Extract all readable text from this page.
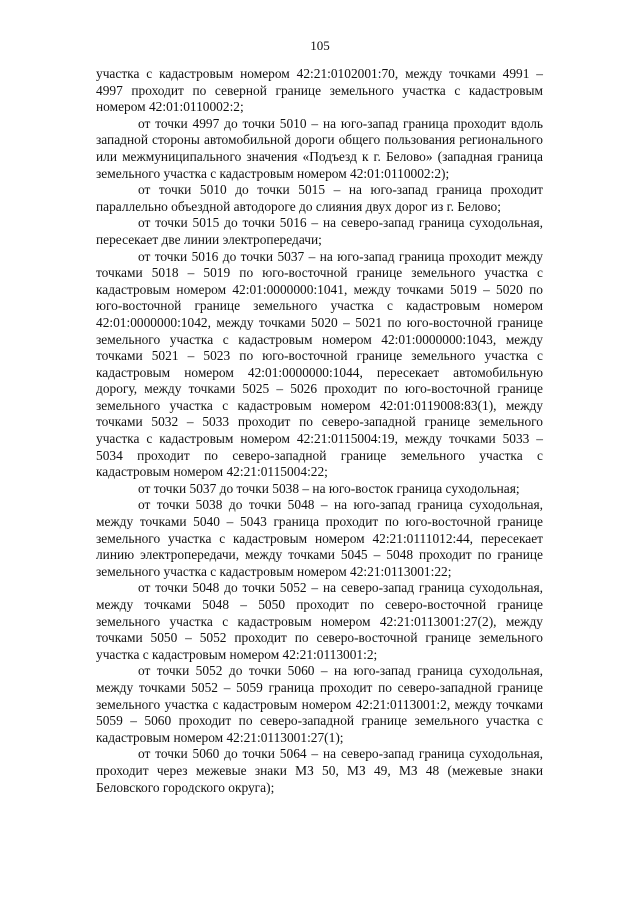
105

участка с кадастровым номером 42:21:0102001:70, между точками 4991 – 4997 проходит по северной границе земельного участка с кадастровым номером 42:01:0110002:2;

от точки 4997 до точки 5010 – на юго-запад граница проходит вдоль западной стороны автомобильной дороги общего пользования регионального или межмуниципального значения «Подъезд к г. Белово» (западная граница земельного участка с кадастровым номером 42:01:0110002:2);

от точки 5010 до точки 5015 – на юго-запад граница проходит параллельно объездной автодороге до слияния двух дорог из г. Белово;

от точки 5015 до точки 5016 – на северо-запад граница суходольная, пересекает две линии электропередачи;

от точки 5016 до точки 5037 – на юго-запад граница проходит между точками 5018 – 5019 по юго-восточной границе земельного участка с кадастровым номером 42:01:0000000:1041, между точками 5019 – 5020 по юго-восточной границе земельного участка с кадастровым номером 42:01:0000000:1042, между точками 5020 – 5021 по юго-восточной границе земельного участка с кадастровым номером 42:01:0000000:1043, между точками 5021 – 5023 по юго-восточной границе земельного участка с кадастровым номером 42:01:0000000:1044, пересекает автомобильную дорогу, между точками 5025 – 5026 проходит по юго-восточной границе земельного участка с кадастровым номером 42:01:0119008:83(1), между точками 5032 – 5033 проходит по северо-западной границе земельного участка с кадастровым номером 42:21:0115004:19, между точками 5033 – 5034 проходит по северо-западной границе земельного участка с кадастровым номером 42:21:0115004:22;

от точки 5037 до точки 5038 – на юго-восток граница суходольная;

от точки 5038 до точки 5048 – на юго-запад граница суходольная, между точками 5040 – 5043 граница проходит по юго-восточной границе земельного участка с кадастровым номером 42:21:0111012:44, пересекает линию электропередачи, между точками 5045 – 5048 проходит по границе земельного участка с кадастровым номером 42:21:0113001:22;

от точки 5048 до точки 5052 – на северо-запад граница суходольная, между точками 5048 – 5050 проходит по северо-восточной границе земельного участка с кадастровым номером 42:21:0113001:27(2), между точками 5050 – 5052 проходит по северо-восточной границе земельного участка с кадастровым номером 42:21:0113001:2;

от точки 5052 до точки 5060 – на юго-запад граница суходольная, между точками 5052 – 5059 граница проходит по северо-западной границе земельного участка с кадастровым номером 42:21:0113001:2, между точками 5059 – 5060 проходит по северо-западной границе земельного участка с кадастровым номером 42:21:0113001:27(1);

от точки 5060 до точки 5064 – на северо-запад граница суходольная, проходит через межевые знаки МЗ 50, МЗ 49, МЗ 48 (межевые знаки Беловского городского округа);
